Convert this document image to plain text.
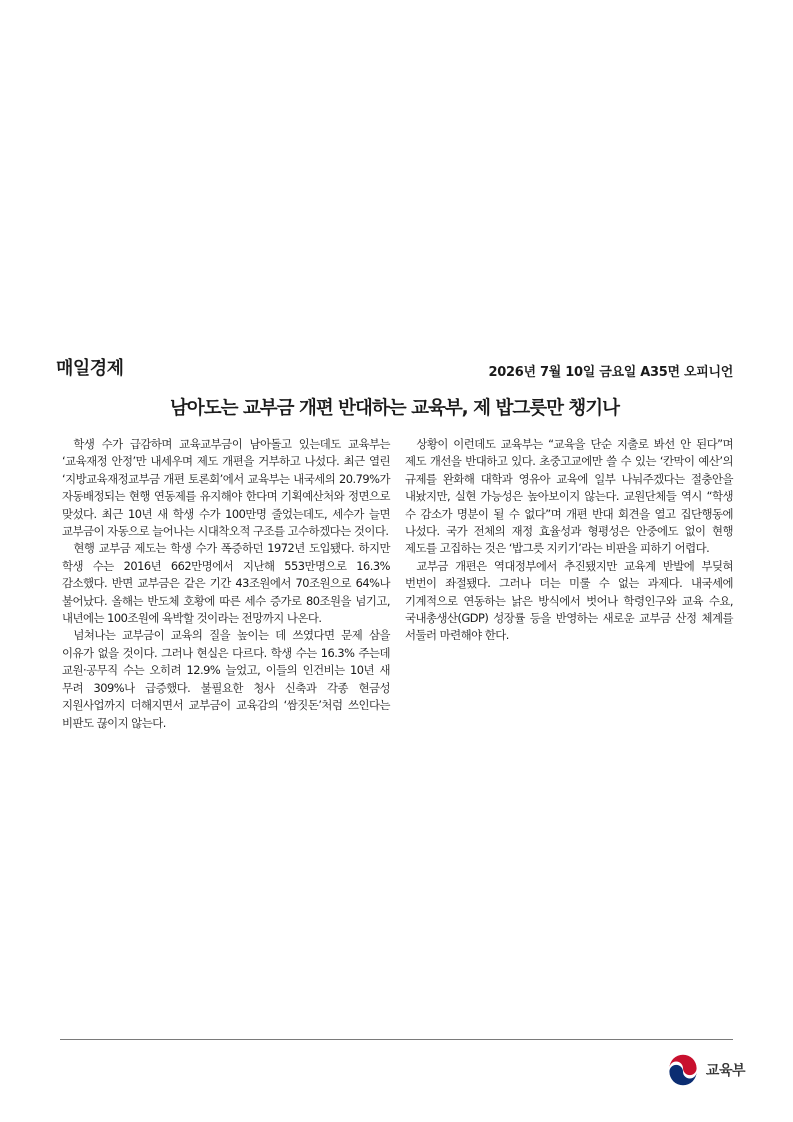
매일경제	2026년 7월 10일 금요일 A35면 오피니언
남아도는 교부금 개편 반대하는 교육부, 제 밥그릇만 챙기나

학생 수가 급감하며 교육교부금이 남아돌고 있는데도 교육부는 ‘교육재정 안정’만 내세우며 제도 개편을 거부하고 나섰다. 최근 열린 ‘지방교육재정교부금 개편 토론회’에서 교육부는 내국세의 20.79%가 자동배정되는 현행 연동제를 유지해야 한다며 기획예산처와 정면으로 맞섰다. 최근 10년 새 학생 수가 100만명 줄었는데도, 세수가 늘면 교부금이 자동으로 늘어나는 시대착오적 구조를 고수하겠다는 것이다.

현행 교부금 제도는 학생 수가 폭증하던 1972년 도입됐다. 하지만 학생 수는 2016년 662만명에서 지난해 553만명으로 16.3% 감소했다. 반면 교부금은 같은 기간 43조원에서 70조원으로 64%나 불어났다. 올해는 반도체 호황에 따른 세수 증가로 80조원을 넘기고, 내년에는 100조원에 육박할 것이라는 전망까지 나온다.

넘쳐나는 교부금이 교육의 질을 높이는 데 쓰였다면 문제 삼을 이유가 없을 것이다. 그러나 현실은 다르다. 학생 수는 16.3% 주는데 교원·공무직 수는 오히려 12.9% 늘었고, 이들의 인건비는 10년 새 무려 309%나 급증했다. 불필요한 청사 신축과 각종 현금성 지원사업까지 더해지면서 교부금이 교육감의 ‘쌈짓돈’처럼 쓰인다는 비판도 끊이지 않는다.

상황이 이런데도 교육부는 “교육을 단순 지출로 봐선 안 된다”며 제도 개선을 반대하고 있다. 초중고교에만 쓸 수 있는 ‘칸막이 예산’의 규제를 완화해 대학과 영유아 교육에 일부 나눠주겠다는 절충안을 내놨지만, 실현 가능성은 높아보이지 않는다. 교원단체들 역시 “학생 수 감소가 명분이 될 수 없다”며 개편 반대 회견을 열고 집단행동에 나섰다. 국가 전체의 재정 효율성과 형평성은 안중에도 없이 현행 제도를 고집하는 것은 ‘밥그릇 지키기’라는 비판을 피하기 어렵다.

교부금 개편은 역대정부에서 추진됐지만 교육계 반발에 부딪혀 번번이 좌절됐다. 그러나 더는 미룰 수 없는 과제다. 내국세에 기계적으로 연동하는 낡은 방식에서 벗어나 학령인구와 교육 수요, 국내총생산(GDP) 성장률 등을 반영하는 새로운 교부금 산정 체계를 서둘러 마련해야 한다.

교육부
